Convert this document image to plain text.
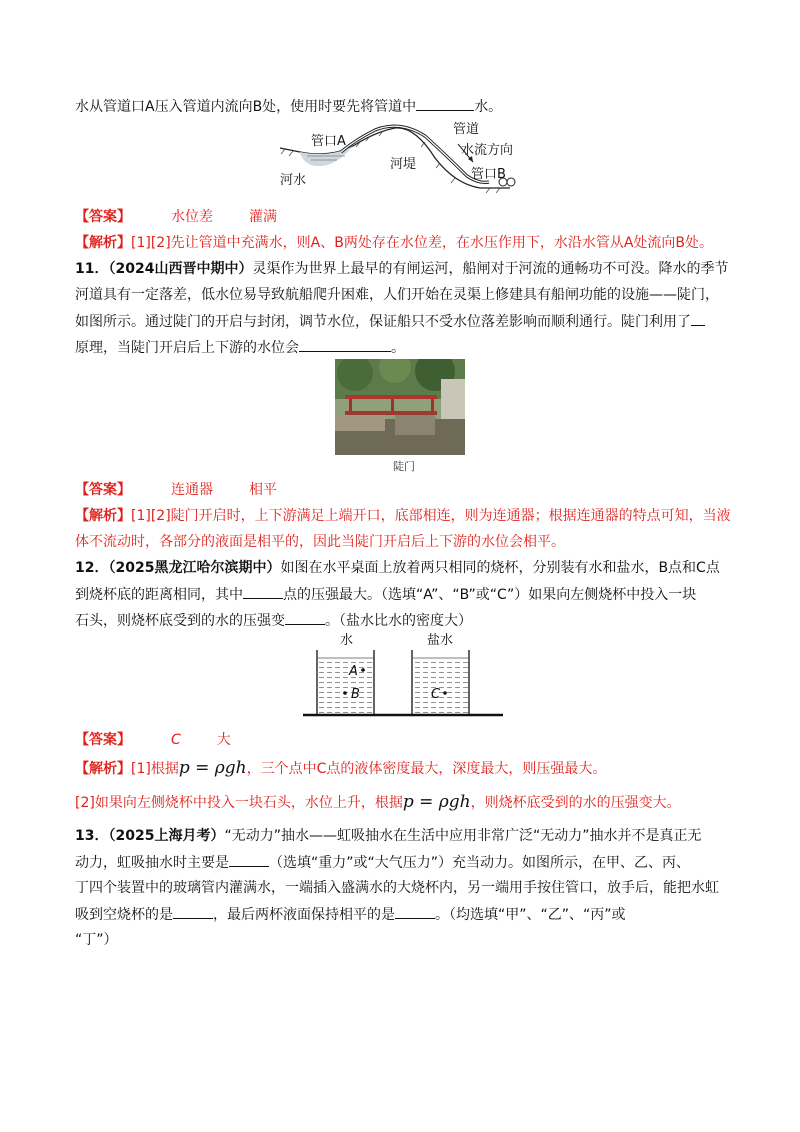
水从管道口A压入管道内流向B处，使用时要先将管道中	水。
管口A
管道
河堤
水流方向
河水	管口B
【答案】	水位差	灌满
【解析】[1][2]先让管道中充满水，则A、B两处存在水位差，在水压作用下，水沿水管从A处流向B处。
11．（2024山西晋中期中）灵渠作为世界上最早的有闸运河，船闸对于河流的通畅功不可没。降水的季节
河道具有一定落差，低水位易导致航船爬升困难，人们开始在灵渠上修建具有船闸功能的设施——陡门，
如图所示。通过陡门的开启与封闭，调节水位，保证船只不受水位落差影响而顺利通行。陡门利用了
原理，当陡门开启后上下游的水位会	。
陡门
【答案】	连通器	相平
【解析】[1][2]陡门开启时，上下游满足上端开口，底部相连，则为连通器；根据连通器的特点可知，当液
体不流动时，各部分的液面是相平的，因此当陡门开启后上下游的水位会相平。
12．（2025黑龙江哈尔滨期中）如图在水平桌面上放着两只相同的烧杯，分别装有水和盐水，B点和C点
到烧杯底的距离相同，其中	点的压强最大。（选填“A”、“B”或“C”）如果向左侧烧杯中投入一块
石头，则烧杯底受到的水的压强变	。（盐水比水的密度大）
水	盐水
A
B	C
【答案】	C	大
【解析】[1]根据p = ρgh，三个点中C点的液体密度最大，深度最大，则压强最大。
[2]如果向左侧烧杯中投入一块石头，水位上升，根据p = ρgh，则烧杯底受到的水的压强变大。
13．（2025上海月考）“无动力”抽水——虹吸抽水在生活中应用非常广泛“无动力”抽水并不是真正无
动力，虹吸抽水时主要是	（选填“重力”或“大气压力”）充当动力。如图所示，在甲、乙、丙、
丁四个装置中的玻璃管内灌满水，一端插入盛满水的大烧杯内，另一端用手按住管口，放手后，能把水虹
吸到空烧杯的是	，最后两杯液面保持相平的是	。（均选填“甲”、“乙”、“丙”或
“丁”）
